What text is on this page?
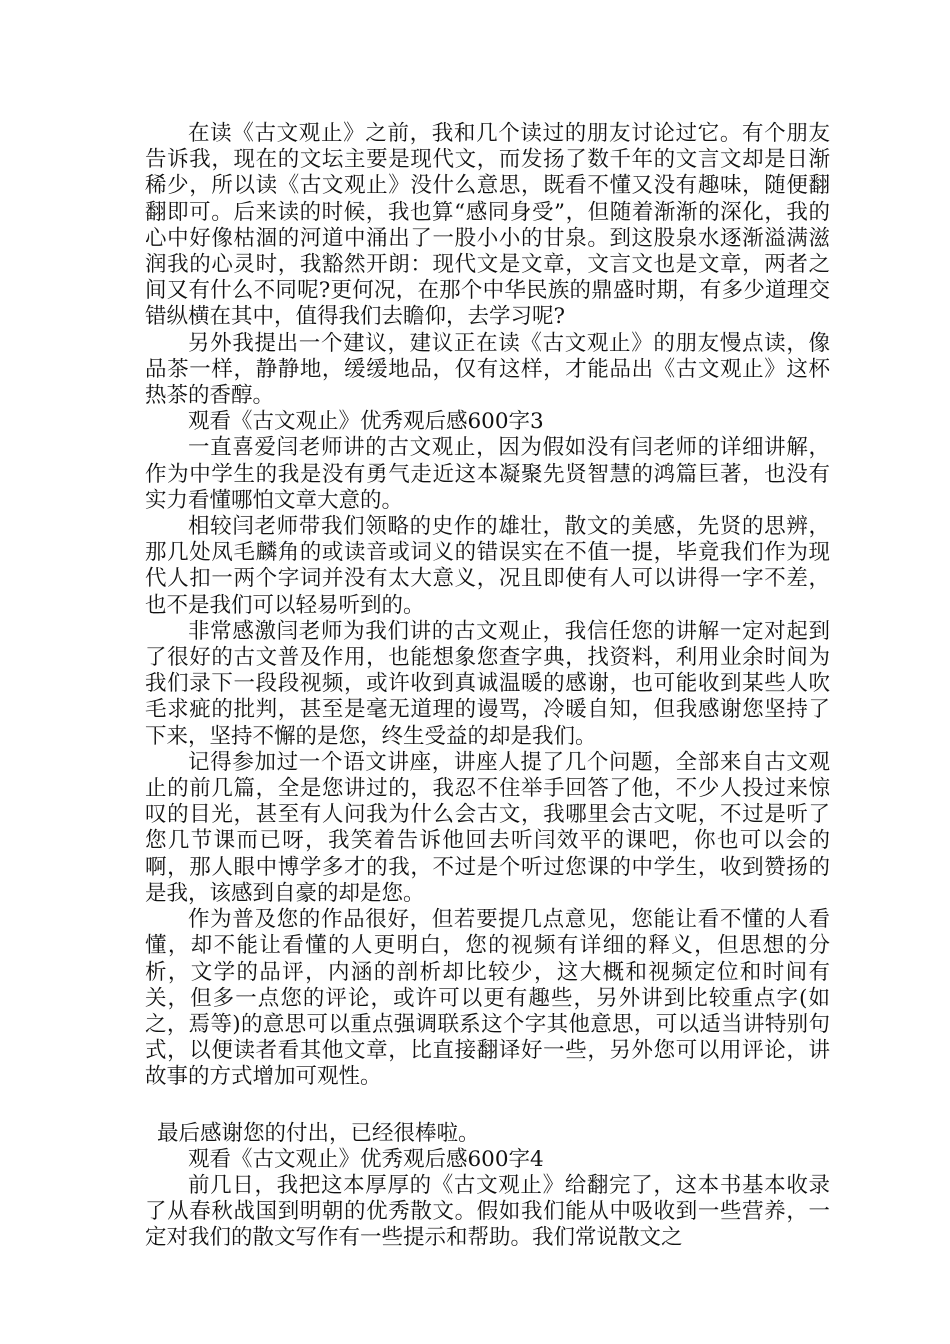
在读《古文观止》之前，我和几个读过的朋友讨论过它。有个朋友告诉我，现在的文坛主要是现代文，而发扬了数千年的文言文却是日渐稀少，所以读《古文观止》没什么意思，既看不懂又没有趣味，随便翻翻即可。后来读的时候，我也算“感同身受”，但随着渐渐的深化，我的心中好像枯涸的河道中涌出了一股小小的甘泉。到这股泉水逐渐溢满滋润我的心灵时，我豁然开朗：现代文是文章，文言文也是文章，两者之间又有什么不同呢?更何况，在那个中华民族的鼎盛时期，有多少道理交错纵横在其中，值得我们去瞻仰，去学习呢?

另外我提出一个建议，建议正在读《古文观止》的朋友慢点读，像品茶一样，静静地，缓缓地品，仅有这样，才能品出《古文观止》这杯热茶的香醇。

观看《古文观止》优秀观后感600字3

一直喜爱闫老师讲的古文观止，因为假如没有闫老师的详细讲解，作为中学生的我是没有勇气走近这本凝聚先贤智慧的鸿篇巨著，也没有实力看懂哪怕文章大意的。

相较闫老师带我们领略的史作的雄壮，散文的美感，先贤的思辨，那几处凤毛麟角的或读音或词义的错误实在不值一提，毕竟我们作为现代人扣一两个字词并没有太大意义，况且即使有人可以讲得一字不差，也不是我们可以轻易听到的。

非常感激闫老师为我们讲的古文观止，我信任您的讲解一定对起到了很好的古文普及作用，也能想象您查字典，找资料，利用业余时间为我们录下一段段视频，或许收到真诚温暖的感谢，也可能收到某些人吹毛求疵的批判，甚至是毫无道理的谩骂，冷暖自知，但我感谢您坚持了下来，坚持不懈的是您，终生受益的却是我们。

记得参加过一个语文讲座，讲座人提了几个问题，全部来自古文观止的前几篇，全是您讲过的，我忍不住举手回答了他，不少人投过来惊叹的目光，甚至有人问我为什么会古文，我哪里会古文呢，不过是听了您几节课而已呀，我笑着告诉他回去听闫效平的课吧，你也可以会的啊，那人眼中博学多才的我，不过是个听过您课的中学生，收到赞扬的是我，该感到自豪的却是您。

作为普及您的作品很好，但若要提几点意见，您能让看不懂的人看懂，却不能让看懂的人更明白，您的视频有详细的释义，但思想的分析，文学的品评，内涵的剖析却比较少，这大概和视频定位和时间有关，但多一点您的评论，或许可以更有趣些，另外讲到比较重点字(如之，焉等)的意思可以重点强调联系这个字其他意思，可以适当讲特别句式，以便读者看其他文章，比直接翻译好一些，另外您可以用评论，讲故事的方式增加可观性。

最后感谢您的付出，已经很棒啦。

观看《古文观止》优秀观后感600字4

前几日，我把这本厚厚的《古文观止》给翻完了，这本书基本收录了从春秋战国到明朝的优秀散文。假如我们能从中吸收到一些营养，一定对我们的散文写作有一些提示和帮助。我们常说散文之
